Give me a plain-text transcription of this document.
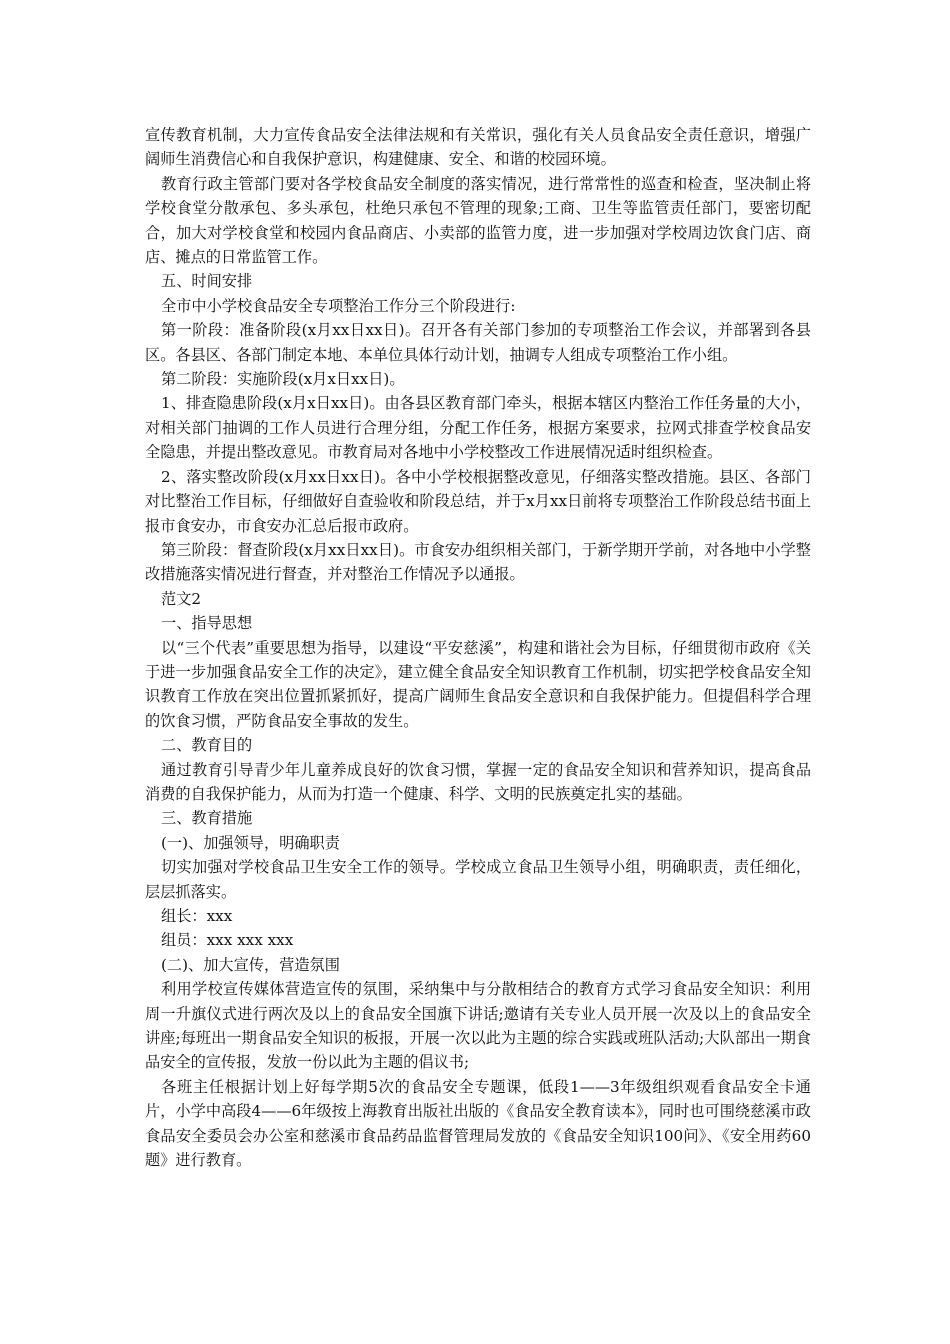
宣传教育机制，大力宣传食品安全法律法规和有关常识，强化有关人员食品安全责任意识，增强广阔师生消费信心和自我保护意识，构建健康、安全、和谐的校园环境。

教育行政主管部门要对各学校食品安全制度的落实情况，进行常常性的巡查和检查，坚决制止将学校食堂分散承包、多头承包，杜绝只承包不管理的现象;工商、卫生等监管责任部门，要密切配合，加大对学校食堂和校园内食品商店、小卖部的监管力度，进一步加强对学校周边饮食门店、商店、摊点的日常监管工作。

五、时间安排

全市中小学校食品安全专项整治工作分三个阶段进行:

第一阶段：准备阶段(x月xx日xx日)。召开各有关部门参加的专项整治工作会议，并部署到各县区。各县区、各部门制定本地、本单位具体行动计划，抽调专人组成专项整治工作小组。

第二阶段：实施阶段(x月x日xx日)。

1、排查隐患阶段(x月x日xx日)。由各县区教育部门牵头，根据本辖区内整治工作任务量的大小，对相关部门抽调的工作人员进行合理分组，分配工作任务，根据方案要求，拉网式排查学校食品安全隐患，并提出整改意见。市教育局对各地中小学校整改工作进展情况适时组织检查。

2、落实整改阶段(x月xx日xx日)。各中小学校根据整改意见，仔细落实整改措施。县区、各部门对比整治工作目标，仔细做好自查验收和阶段总结，并于x月xx日前将专项整治工作阶段总结书面上报市食安办，市食安办汇总后报市政府。

第三阶段：督查阶段(x月xx日xx日)。市食安办组织相关部门，于新学期开学前，对各地中小学整改措施落实情况进行督查，并对整治工作情况予以通报。

范文2

一、指导思想

以“三个代表”重要思想为指导，以建设“平安慈溪”，构建和谐社会为目标，仔细贯彻市政府《关于进一步加强食品安全工作的决定》，建立健全食品安全知识教育工作机制，切实把学校食品安全知识教育工作放在突出位置抓紧抓好，提高广阔师生食品安全意识和自我保护能力。但提倡科学合理的饮食习惯，严防食品安全事故的发生。

二、教育目的

通过教育引导青少年儿童养成良好的饮食习惯，掌握一定的食品安全知识和营养知识，提高食品消费的自我保护能力，从而为打造一个健康、科学、文明的民族奠定扎实的基础。

三、教育措施

(一)、加强领导，明确职责

切实加强对学校食品卫生安全工作的领导。学校成立食品卫生领导小组，明确职责，责任细化，层层抓落实。

组长：xxx

组员：xxx xxx xxx

(二)、加大宣传，营造氛围

利用学校宣传媒体营造宣传的氛围，采纳集中与分散相结合的教育方式学习食品安全知识：利用周一升旗仪式进行两次及以上的食品安全国旗下讲话;邀请有关专业人员开展一次及以上的食品安全讲座;每班出一期食品安全知识的板报，开展一次以此为主题的综合实践或班队活动;大队部出一期食品安全的宣传报，发放一份以此为主题的倡议书;

各班主任根据计划上好每学期5次的食品安全专题课，低段1——3年级组织观看食品安全卡通片，小学中高段4——6年级按上海教育出版社出版的《食品安全教育读本》，同时也可围绕慈溪市政食品安全委员会办公室和慈溪市食品药品监督管理局发放的《食品安全知识100问》、《安全用药60题》进行教育。
